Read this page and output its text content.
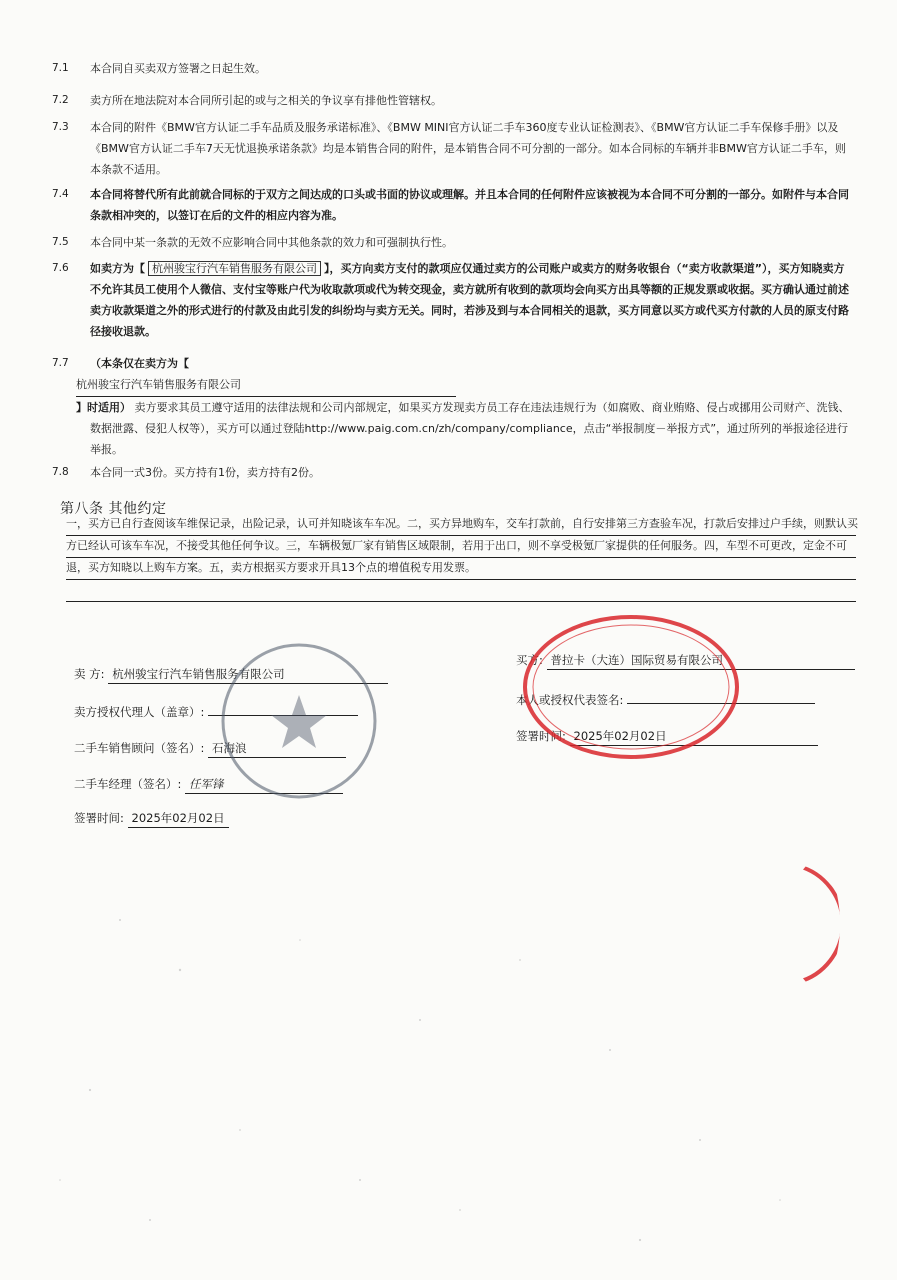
7.1	本合同自买卖双方签署之日起生效。
7.2	卖方所在地法院对本合同所引起的或与之相关的争议享有排他性管辖权。
7.3	本合同的附件《BMW官方认证二手车品质及服务承诺标准》、《BMW MINI官方认证二手车360度专业认证检测表》、《BMW官方认证二手车保修手册》以及《BMW官方认证二手车7天无忧退换承诺条款》均是本销售合同的附件，是本销售合同不可分割的一部分。如本合同标的车辆并非BMW官方认证二手车，则本条款不适用。
7.4	本合同将替代所有此前就合同标的于双方之间达成的口头或书面的协议或理解。并且本合同的任何附件应该被视为本合同不可分割的一部分。如附件与本合同条款相冲突的，以签订在后的文件的相应内容为准。
7.5	本合同中某一条款的无效不应影响合同中其他条款的效力和可强制执行性。
7.6	如卖方为【 杭州骏宝行汽车销售服务有限公司 】，买方向卖方支付的款项应仅通过卖方的公司账户或卖方的财务收银台（“卖方收款渠道”），买方知晓卖方不允许其员工使用个人微信、支付宝等账户代为收取款项或代为转交现金，卖方就所有收到的款项均会向买方出具等额的正规发票或收据。买方确认通过前述卖方收款渠道之外的形式进行的付款及由此引发的纠纷均与卖方无关。同时，若涉及到与本合同相关的退款，买方同意以买方或代买方付款的人员的原支付路径接收退款。
7.7	（本条仅在卖方为【
杭州骏宝行汽车销售服务有限公司
】时适用） 卖方要求其员工遵守适用的法律法规和公司内部规定，如果买方发现卖方员工存在违法违规行为（如腐败、商业贿赂、侵占或挪用公司财产、洗钱、数据泄露、侵犯人权等），买方可以通过登陆http://www.paig.com.cn/zh/company/compliance，点击“举报制度－举报方式”，通过所列的举报途径进行举报。
7.8	本合同一式3份。买方持有1份，卖方持有2份。
第八条 其他约定
一，买方已自行查阅该车维保记录，出险记录，认可并知晓该车车况。二，买方异地购车，交车打款前，自行安排第三方查验车况，打款后安排过户手续，则默认买方已经认可该车车况，不接受其他任何争议。三，车辆极氪厂家有销售区域限制，若用于出口，则不享受极氪厂家提供的任何服务。四，车型不可更改，定金不可退，买方知晓以上购车方案。五，卖方根据买方要求开具13个点的增值税专用发票。
卖 方: 杭州骏宝行汽车销售服务有限公司
卖方授权代理人（盖章）:
二手车销售顾问（签名）: 石海浪
二手车经理（签名）: 任军锋
签署时间: 2025年02月02日
买方: 普拉卡（大连）国际贸易有限公司
本人或授权代表签名:
签署时间: 2025年02月02日
